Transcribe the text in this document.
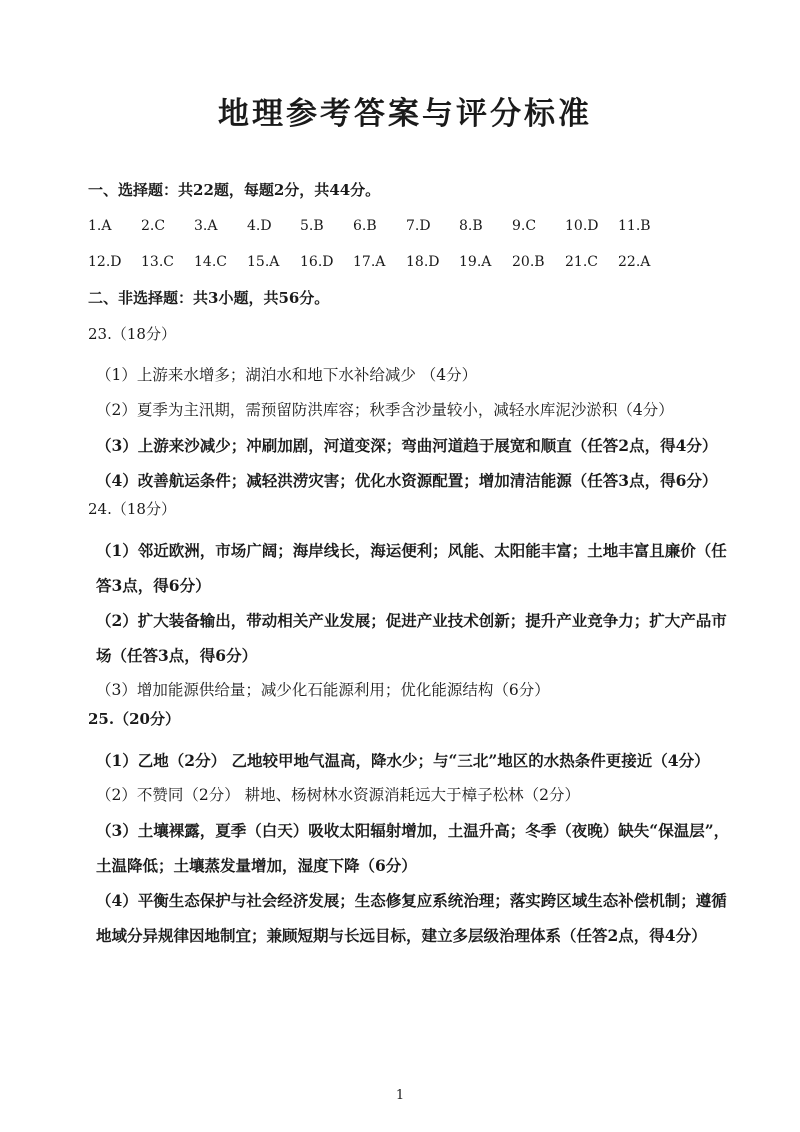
地理参考答案与评分标准
一、选择题：共22题，每题2分，共44分。
1.A	2.C	3.A	4.D	5.B	6.B	7.D	8.B	9.C	10.D	11.B
12.D	13.C	14.C	15.A	16.D	17.A	18.D	19.A	20.B	21.C	22.A
二、非选择题：共3小题，共56分。
23.（18分）

（1）上游来水增多；湖泊水和地下水补给减少 （4分）

（2）夏季为主汛期，需预留防洪库容；秋季含沙量较小，减轻水库泥沙淤积（4分）

（3）上游来沙减少；冲刷加剧，河道变深；弯曲河道趋于展宽和顺直（任答2点，得4分）

（4）改善航运条件；减轻洪涝灾害；优化水资源配置；增加清洁能源（任答3点，得6分）

24.（18分）

（1）邻近欧洲，市场广阔；海岸线长，海运便利；风能、太阳能丰富；土地丰富且廉价（任答3点，得6分）

（2）扩大装备输出，带动相关产业发展；促进产业技术创新；提升产业竞争力；扩大产品市场（任答3点，得6分）

（3）增加能源供给量；减少化石能源利用；优化能源结构（6分）

25.（20分）

（1）乙地（2分） 乙地较甲地气温高，降水少；与“三北”地区的水热条件更接近（4分）

（2）不赞同（2分） 耕地、杨树林水资源消耗远大于樟子松林（2分）

（3）土壤裸露，夏季（白天）吸收太阳辐射增加，土温升高；冬季（夜晚）缺失“保温层”，土温降低；土壤蒸发量增加，湿度下降（6分）

（4）平衡生态保护与社会经济发展；生态修复应系统治理；落实跨区域生态补偿机制；遵循地域分异规律因地制宜；兼顾短期与长远目标，建立多层级治理体系（任答2点，得4分）

1
